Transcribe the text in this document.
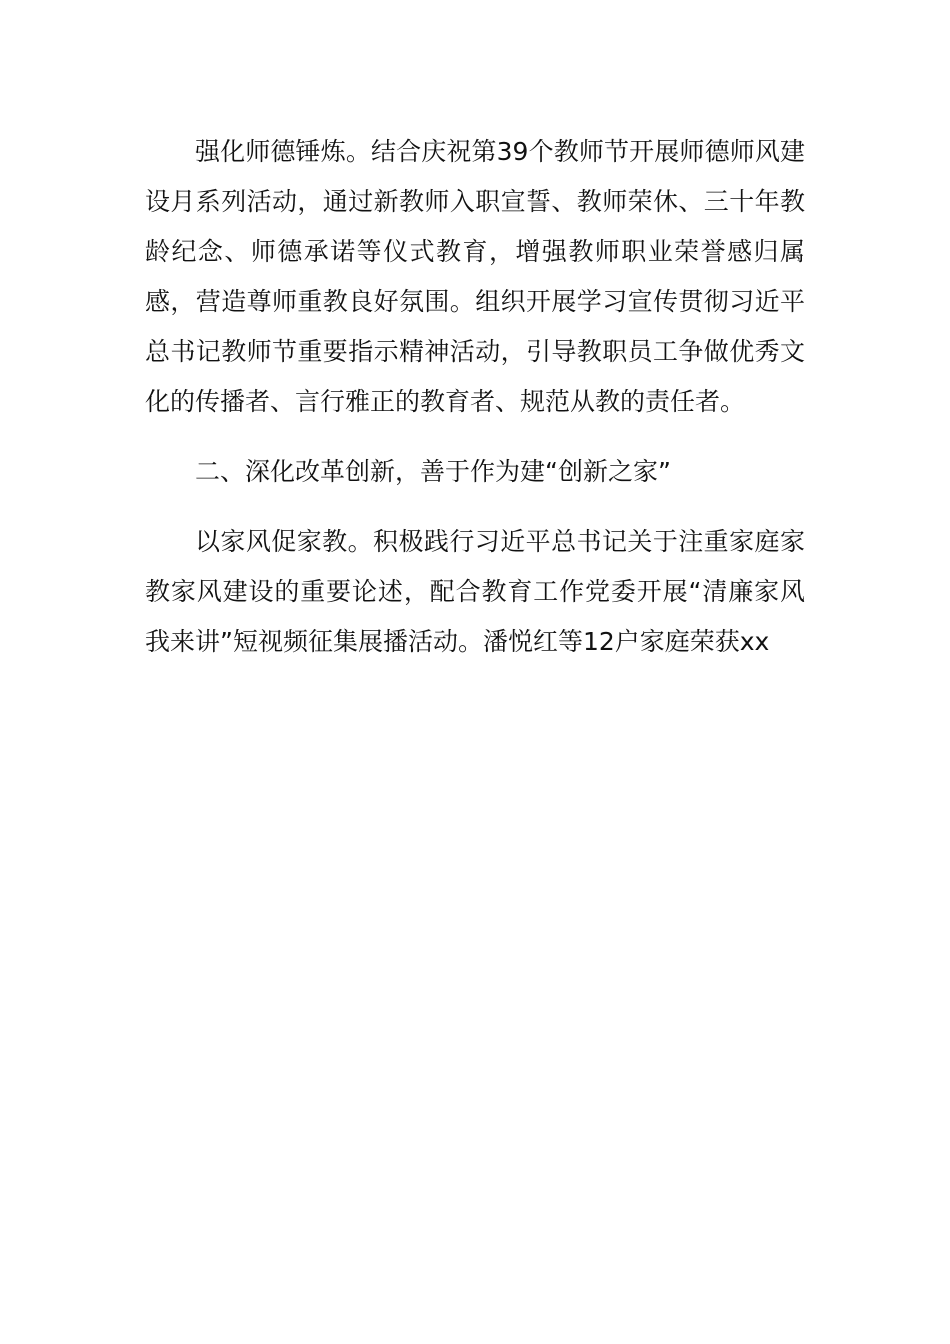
强化师德锤炼。结合庆祝第39个教师节开展师德师风建设月系列活动，通过新教师入职宣誓、教师荣休、三十年教龄纪念、师德承诺等仪式教育，增强教师职业荣誉感归属感，营造尊师重教良好氛围。组织开展学习宣传贯彻习近平总书记教师节重要指示精神活动，引导教职员工争做优秀文化的传播者、言行雅正的教育者、规范从教的责任者。

二、深化改革创新，善于作为建“创新之家”

以家风促家教。积极践行习近平总书记关于注重家庭家教家风建设的重要论述，配合教育工作党委开展“清廉家风我来讲”短视频征集展播活动。潘悦红等12户家庭荣获xx
